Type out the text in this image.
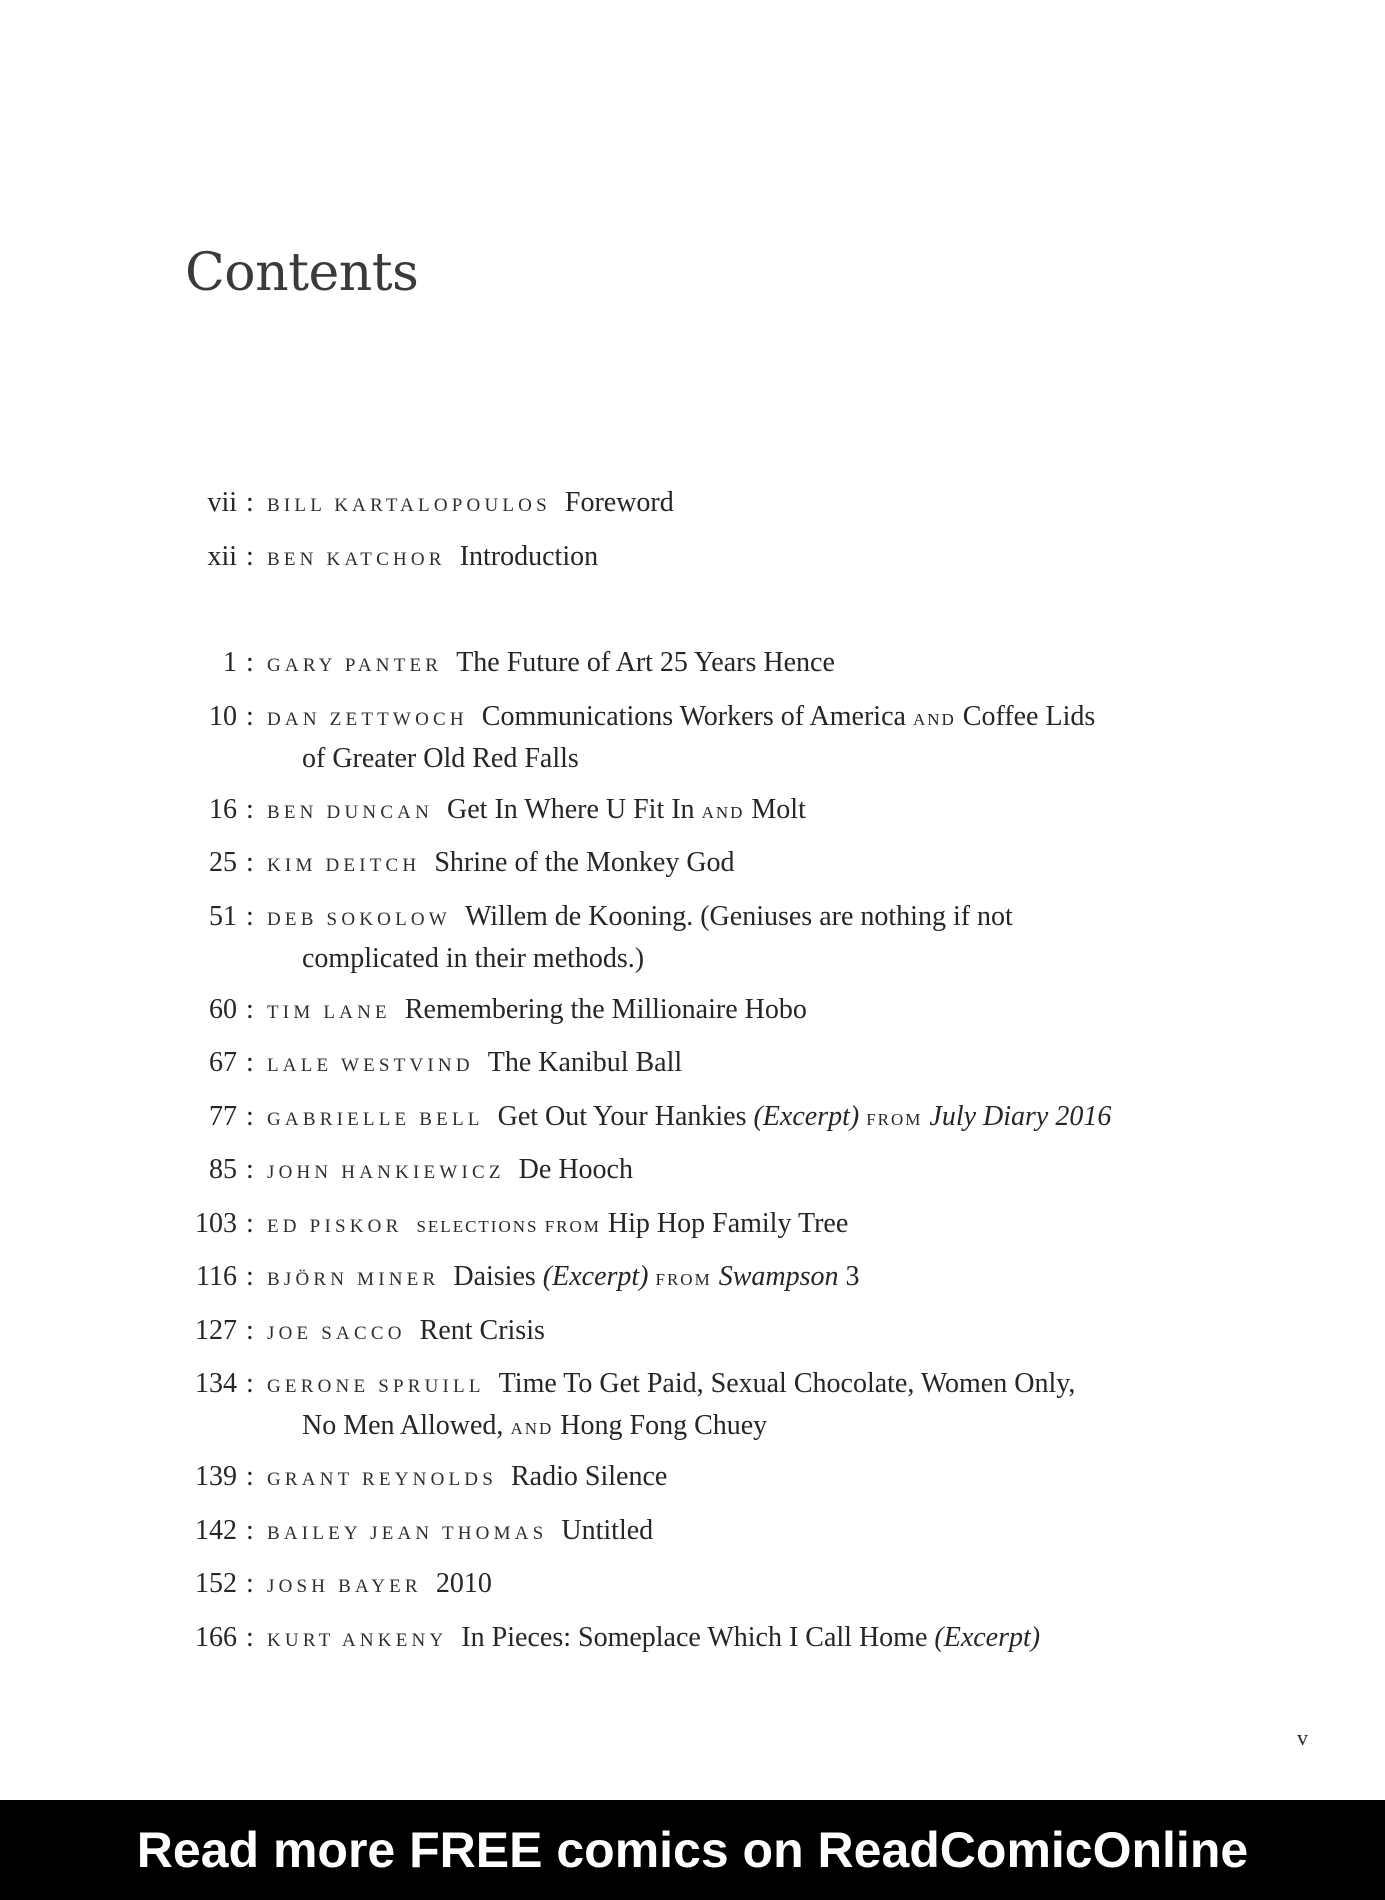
Contents
vii : BILL KARTALOPOULOS Foreword
xii : BEN KATCHOR Introduction
1 : GARY PANTER The Future of Art 25 Years Hence
10 : DAN ZETTWOCH Communications Workers of America AND Coffee Lids
of Greater Old Red Falls
16 : BEN DUNCAN Get In Where U Fit In AND Molt
25 : KIM DEITCH Shrine of the Monkey God
51 : DEB SOKOLOW Willem de Kooning. (Geniuses are nothing if not
complicated in their methods.)
60 : TIM LANE Remembering the Millionaire Hobo
67 : LALE WESTVIND The Kanibul Ball
77 : GABRIELLE BELL Get Out Your Hankies (Excerpt) FROM July Diary 2016
85 : JOHN HANKIEWICZ De Hooch
103 : ED PISKOR SELECTIONS FROM Hip Hop Family Tree
116 : BJÖRN MINER Daisies (Excerpt) FROM Swampson 3
127 : JOE SACCO Rent Crisis
134 : GERONE SPRUILL Time To Get Paid, Sexual Chocolate, Women Only,
No Men Allowed, AND Hong Fong Chuey
139 : GRANT REYNOLDS Radio Silence
142 : BAILEY JEAN THOMAS Untitled
152 : JOSH BAYER 2010
166 : KURT ANKENY In Pieces: Someplace Which I Call Home (Excerpt)
v
Read more FREE comics on ReadComicOnline
